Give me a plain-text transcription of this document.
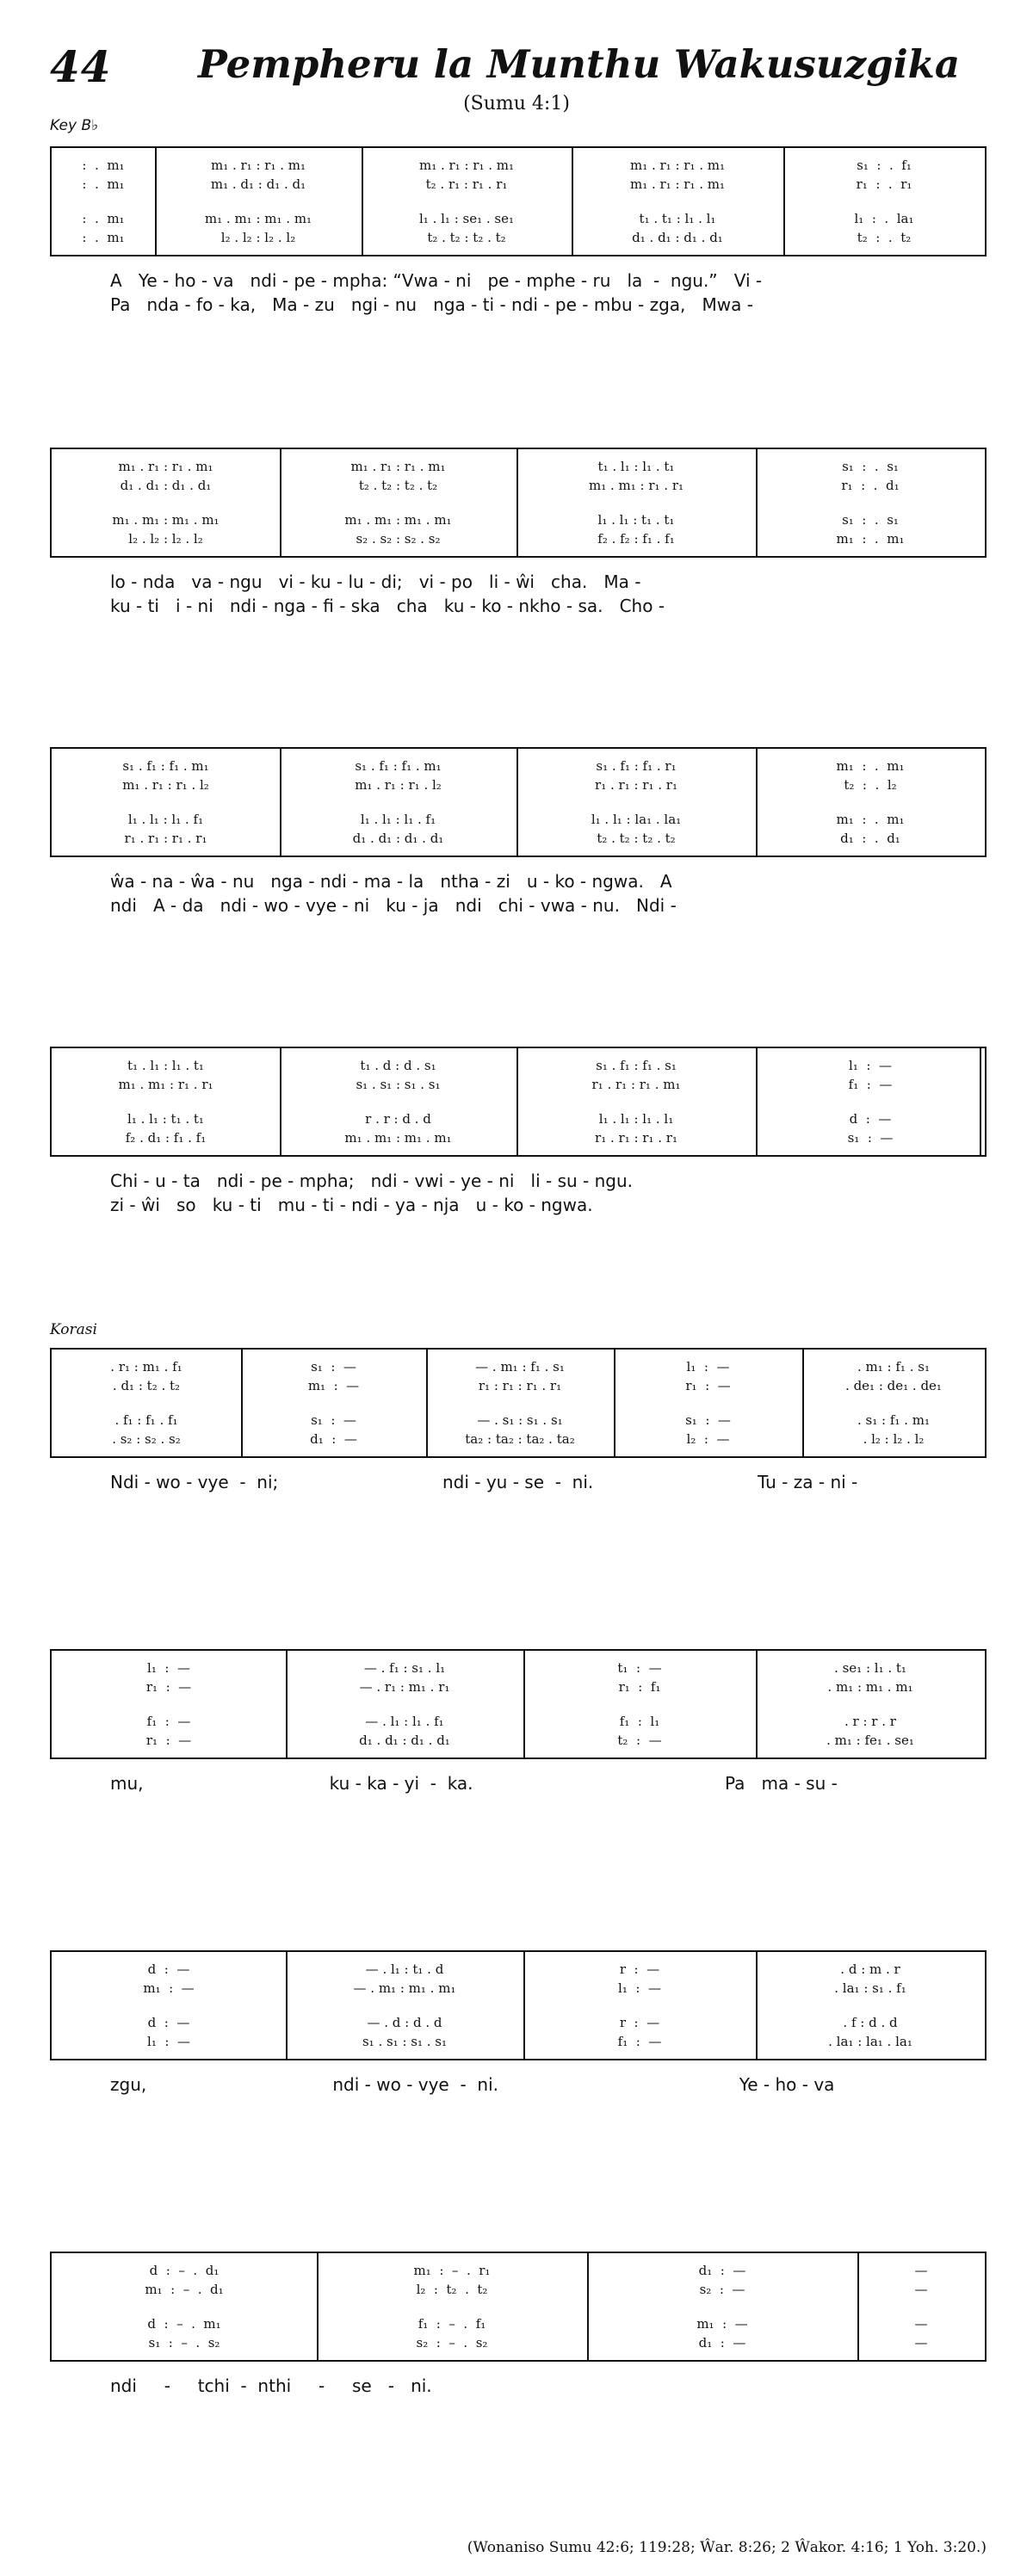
44 Pempheru la Munthu Wakusuzgika
(Sumu 4:1)
Key B♭
Korasi
:  .  m₁	m₁ . r₁ : r₁ . m₁	m₁ . r₁ : r₁ . m₁	m₁ . r₁ : r₁ . m₁	s₁  :  .  f₁
:  .  m₁	m₁ . d₁ : d₁ . d₁	t₂ . r₁ : r₁ . r₁	m₁ . r₁ : r₁ . m₁	r₁  :  .  r₁
:  .  m₁	m₁ . m₁ : m₁ . m₁	l₁ . l₁ : se₁ . se₁	t₁ . t₁ : l₁ . l₁	l₁  :  .  la₁
:  .  m₁	l₂ . l₂ : l₂ . l₂	t₂ . t₂ : t₂ . t₂	d₁ . d₁ : d₁ . d₁	t₂  :  .  t₂
A   Ye - ho - va   ndi - pe - mpha: “Vwa - ni   pe - mphe - ru   la  -  ngu.”   Vi -
Pa   nda - fo - ka,   Ma - zu   ngi - nu   nga - ti - ndi - pe - mbu - zga,   Mwa -
m₁ . r₁ : r₁ . m₁	m₁ . r₁ : r₁ . m₁	t₁ . l₁ : l₁ . t₁	s₁  :  .  s₁
d₁ . d₁ : d₁ . d₁	t₂ . t₂ : t₂ . t₂	m₁ . m₁ : r₁ . r₁	r₁  :  .  d₁
m₁ . m₁ : m₁ . m₁	m₁ . m₁ : m₁ . m₁	l₁ . l₁ : t₁ . t₁	s₁  :  .  s₁
l₂ . l₂ : l₂ . l₂	s₂ . s₂ : s₂ . s₂	f₂ . f₂ : f₁ . f₁	m₁  :  .  m₁
lo - nda   va - ngu   vi - ku - lu - di;   vi - po   li - ŵi   cha.   Ma -
ku - ti   i - ni   ndi - nga - fi - ska   cha   ku - ko - nkho - sa.   Cho -
s₁ . f₁ : f₁ . m₁	s₁ . f₁ : f₁ . m₁	s₁ . f₁ : f₁ . r₁	m₁  :  .  m₁
m₁ . r₁ : r₁ . l₂	m₁ . r₁ : r₁ . l₂	r₁ . r₁ : r₁ . r₁	t₂  :  .  l₂
l₁ . l₁ : l₁ . f₁	l₁ . l₁ : l₁ . f₁	l₁ . l₁ : la₁ . la₁	m₁  :  .  m₁
r₁ . r₁ : r₁ . r₁	d₁ . d₁ : d₁ . d₁	t₂ . t₂ : t₂ . t₂	d₁  :  .  d₁
ŵa - na - ŵa - nu   nga - ndi - ma - la   ntha - zi   u - ko - ngwa.   A
ndi   A - da   ndi - wo - vye - ni   ku - ja   ndi   chi - vwa - nu.   Ndi -
t₁ . l₁ : l₁ . t₁	t₁ . d : d . s₁	s₁ . f₁ : f₁ . s₁	l₁  :  —
m₁ . m₁ : r₁ . r₁	s₁ . s₁ : s₁ . s₁	r₁ . r₁ : r₁ . m₁	f₁  :  —
l₁ . l₁ : t₁ . t₁	r . r : d . d	l₁ . l₁ : l₁ . l₁	d  :  —
f₂ . d₁ : f₁ . f₁	m₁ . m₁ : m₁ . m₁	r₁ . r₁ : r₁ . r₁	s₁  :  —
Chi - u - ta   ndi - pe - mpha;   ndi - vwi - ye - ni   li - su - ngu.
zi - ŵi   so   ku - ti   mu - ti - ndi - ya - nja   u - ko - ngwa.
. r₁ : m₁ . f₁	s₁  :  —	— . m₁ : f₁ . s₁	l₁  :  —	. m₁ : f₁ . s₁
. d₁ : t₂ . t₂	m₁  :  —	r₁ : r₁ : r₁ . r₁	r₁  :  —	. de₁ : de₁ . de₁
. f₁ : f₁ . f₁	s₁  :  —	— . s₁ : s₁ . s₁	s₁  :  —	. s₁ : f₁ . m₁
. s₂ : s₂ . s₂	d₁  :  —	ta₂ : ta₂ : ta₂ . ta₂	l₂  :  —	. l₂ : l₂ . l₂
Ndi - wo - vye  -  ni;                              ndi - yu - se  -  ni.                              Tu - za - ni -
l₁  :  —	— . f₁ : s₁ . l₁	t₁  :  —	. se₁ : l₁ . t₁
r₁  :  —	— . r₁ : m₁ . r₁	r₁  :  f₁	. m₁ : m₁ . m₁
f₁  :  —	— . l₁ : l₁ . f₁	f₁  :  l₁	. r : r . r
r₁  :  —	d₁ . d₁ : d₁ . d₁	t₂  :  —	. m₁ : fe₁ . se₁
mu,                                  ku - ka - yi  -  ka.                                              Pa   ma - su -
d  :  —	— . l₁ : t₁ . d	r  :  —	. d : m . r
m₁  :  —	— . m₁ : m₁ . m₁	l₁  :  —	. la₁ : s₁ . f₁
d  :  —	— . d : d . d	r  :  —	. f : d . d
l₁  :  —	s₁ . s₁ : s₁ . s₁	f₁  :  —	. la₁ : la₁ . la₁
zgu,                                  ndi - wo - vye  -  ni.                                            Ye - ho - va
d  :  –  .  d₁	m₁  :  –  .  r₁	d₁  :  —	—
m₁  :  –  .  d₁	l₂  :  t₂  .  t₂	s₂  :  —	—
d  :  –  .  m₁	f₁  :  –  .  f₁	m₁  :  —	—
s₁  :  –  .  s₂	s₂  :  –  .  s₂	d₁  :  —	—
ndi     -     tchi  -  nthi     -     se   -   ni.
(Wonaniso Sumu 42:6; 119:28; Ŵar. 8:26; 2 Ŵakor. 4:16; 1 Yoh. 3:20.)
